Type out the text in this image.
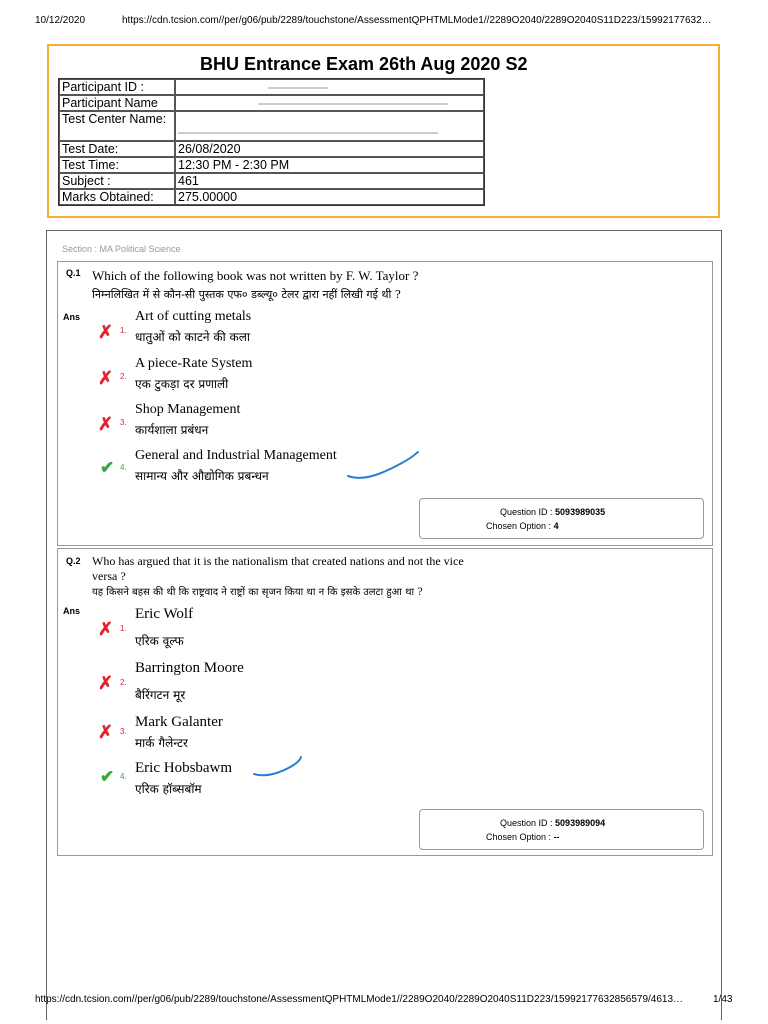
10/12/2020	https://cdn.tcsion.com//per/g06/pub/2289/touchstone/AssessmentQPHTMLMode1//2289O2040/2289O2040S11D223/15992177632…
BHU Entrance Exam 26th Aug 2020 S2
Participant ID :	
Participant Name	
Test Center Name:	
Test Date:	26/08/2020
Test Time:	12:30 PM - 2:30 PM
Subject :	461
Marks Obtained:	275.00000
Section : MA Political Science
Q.1 Which of the following book was not written by F. W. Taylor ?
निम्नलिखित में से कौन-सी पुस्तक एफ० डब्ल्यू० टेलर द्वारा नहीं लिखी गई थी ?
Ans
✗ 1.
Art of cutting metals
धातुओं को काटने की कला
✗ 2.
A piece-Rate System
एक टुकड़ा दर प्रणाली
✗ 3.
Shop Management
कार्यशाला प्रबंधन
✔ 4.
General and Industrial Management
सामान्य और औद्योगिक प्रबन्धन
Question ID : 5093989035
Chosen Option : 4
Q.2 Who has argued that it is the nationalism that created nations and not the vice
versa ?
यह किसने बहस की थी कि राष्ट्रवाद ने राष्ट्रों का सृजन किया था न कि इसके उलटा हुआ था ?
Ans
✗ 1.
Eric Wolf
एरिक वूल्फ
✗ 2.
Barrington Moore
बैरिंगटन मूर
✗ 3.
Mark Galanter
मार्क गैलेन्टर
✔ 4.
Eric Hobsbawm
एरिक हॉब्सबॉम
Question ID : 5093989094
Chosen Option : --
https://cdn.tcsion.com//per/g06/pub/2289/touchstone/AssessmentQPHTMLMode1//2289O2040/2289O2040S11D223/15992177632856579/4613…	1/43
